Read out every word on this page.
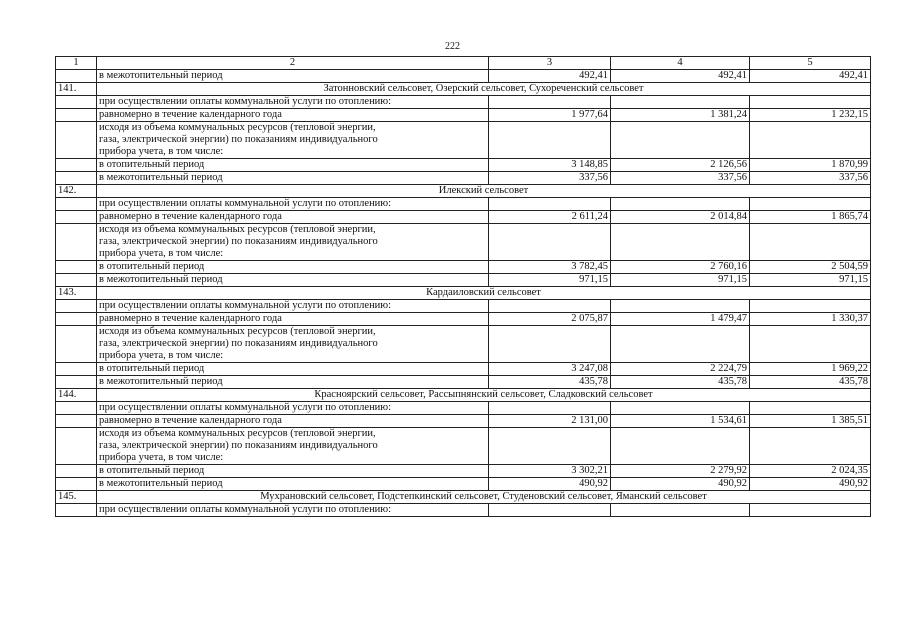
222
1	2	3	4	5
	в межотопительный период	492,41	492,41	492,41
141.	Затонновский сельсовет, Озерский сельсовет, Сухореченский сельсовет			
	при осуществлении оплаты коммунальной услуги по отоплению:			
	равномерно в течение календарного года	1 977,64	1 381,24	1 232,15

	исходя из объема коммунальных ресурсов (тепловой энергии,
газа, электрической энергии) по показаниям индивидуального
прибора учета, в том числе:			

	в отопительный период	3 148,85	2 126,56	1 870,99
	в межотопительный период	337,56	337,56	337,56
142.	Илекский сельсовет			
	при осуществлении оплаты коммунальной услуги по отоплению:			
	равномерно в течение календарного года	2 611,24	2 014,84	1 865,74

	исходя из объема коммунальных ресурсов (тепловой энергии,
газа, электрической энергии) по показаниям индивидуального
прибора учета, в том числе:			

	в отопительный период	3 782,45	2 760,16	2 504,59
	в межотопительный период	971,15	971,15	971,15
143.	Кардаиловский сельсовет			
	при осуществлении оплаты коммунальной услуги по отоплению:			
	равномерно в течение календарного года	2 075,87	1 479,47	1 330,37

	исходя из объема коммунальных ресурсов (тепловой энергии,
газа, электрической энергии) по показаниям индивидуального
прибора учета, в том числе:			

	в отопительный период	3 247,08	2 224,79	1 969,22
	в межотопительный период	435,78	435,78	435,78
144.	Красноярский сельсовет, Рассыпнянский сельсовет, Сладковский сельсовет			
	при осуществлении оплаты коммунальной услуги по отоплению:			
	равномерно в течение календарного года	2 131,00	1 534,61	1 385,51

	исходя из объема коммунальных ресурсов (тепловой энергии,
газа, электрической энергии) по показаниям индивидуального
прибора учета, в том числе:			

	в отопительный период	3 302,21	2 279,92	2 024,35
	в межотопительный период	490,92	490,92	490,92
145.	Мухрановский сельсовет, Подстепкинский сельсовет, Студеновский сельсовет, Яманский сельсовет			
	при осуществлении оплаты коммунальной услуги по отоплению:			
